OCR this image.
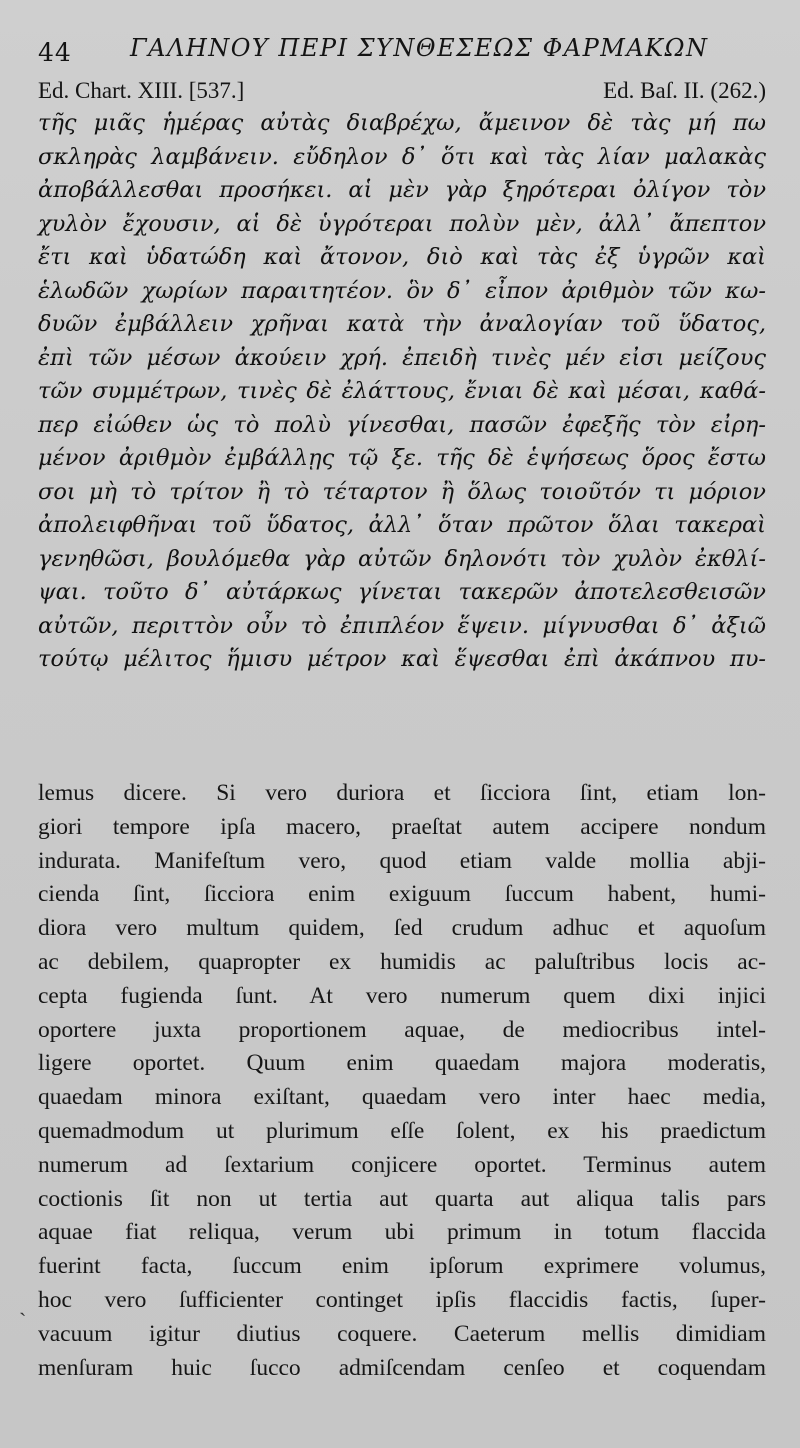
44 ΓΑΛΗΝΟΥ ΠΕΡΙ ΣΥΝΘΕΣΕΩΣ ΦΑΡΜΑΚΩΝ
Ed. Chart. XIII. [537.]	Ed. Baſ. II. (262.)
τῆς μιᾶς ἡμέρας αὐτὰς διαβρέχω, ἄμεινον δὲ τὰς μή πω
σκληρὰς λαμβάνειν. εὔδηλον δ᾽ ὅτι καὶ τὰς λίαν μαλακὰς
ἀποβάλλεσθαι προσήκει. αἱ μὲν γὰρ ξηρότεραι ὀλίγον τὸν
χυλὸν ἔχουσιν, αἱ δὲ ὑγρότεραι πολὺν μὲν, ἀλλ᾽ ἄπεπτον
ἔτι καὶ ὑδατώδη καὶ ἄτονον, διὸ καὶ τὰς ἐξ ὑγρῶν καὶ
ἑλωδῶν χωρίων παραιτητέον. ὃν δ᾽ εἶπον ἀριθμὸν τῶν κω-
δυῶν ἐμβάλλειν χρῆναι κατὰ τὴν ἀναλογίαν τοῦ ὕδατος,
ἐπὶ τῶν μέσων ἀκούειν χρή. ἐπειδὴ τινὲς μέν εἰσι μείζους
τῶν συμμέτρων, τινὲς δὲ ἐλάττους, ἔνιαι δὲ καὶ μέσαι, καθά-
περ εἰώθεν ὡς τὸ πολὺ γίνεσθαι, πασῶν ἐφεξῆς τὸν εἰρη-
μένον ἀριθμὸν ἐμβάλλῃς τῷ ξε. τῆς δὲ ἑψήσεως ὅρος ἔστω
σοι μὴ τὸ τρίτον ἢ τὸ τέταρτον ἢ ὅλως τοιοῦτόν τι μόριον
ἀπολειφθῆναι τοῦ ὕδατος, ἀλλ᾽ ὅταν πρῶτον ὅλαι τακεραὶ
γενηθῶσι, βουλόμεθα γὰρ αὐτῶν δηλονότι τὸν χυλὸν ἐκθλί-
ψαι. τοῦτο δ᾽ αὐτάρκως γίνεται τακερῶν ἀποτελεσθεισῶν
αὐτῶν, περιττὸν οὖν τὸ ἐπιπλέον ἕψειν. μίγνυσθαι δ᾽ ἀξιῶ
τούτῳ μέλιτος ἥμισυ μέτρον καὶ ἕψεσθαι ἐπὶ ἀκάπνου πυ-
lemus dicere. Si vero duriora et ſicciora ſint, etiam lon-
giori tempore ipſa macero, praeſtat autem accipere nondum
indurata. Manifeſtum vero, quod etiam valde mollia abji-
cienda ſint, ſicciora enim exiguum ſuccum habent, humi-
diora vero multum quidem, ſed crudum adhuc et aquoſum
ac debilem, quapropter ex humidis ac paluſtribus locis ac-
cepta fugienda ſunt. At vero numerum quem dixi injici
oportere juxta proportionem aquae, de mediocribus intel-
ligere oportet. Quum enim quaedam majora moderatis,
quaedam minora exiſtant, quaedam vero inter haec media,
quemadmodum ut plurimum eſſe ſolent, ex his praedictum
numerum ad ſextarium conjicere oportet. Terminus autem
coctionis ſit non ut tertia aut quarta aut aliqua talis pars
aquae fiat reliqua, verum ubi primum in totum flaccida
fuerint facta, ſuccum enim ipſorum exprimere volumus,
hoc vero ſufficienter continget ipſis flaccidis factis, ſuper-
vacuum igitur diutius coquere. Caeterum mellis dimidiam
menſuram huic ſucco admiſcendam cenſeo et coquendam
`
